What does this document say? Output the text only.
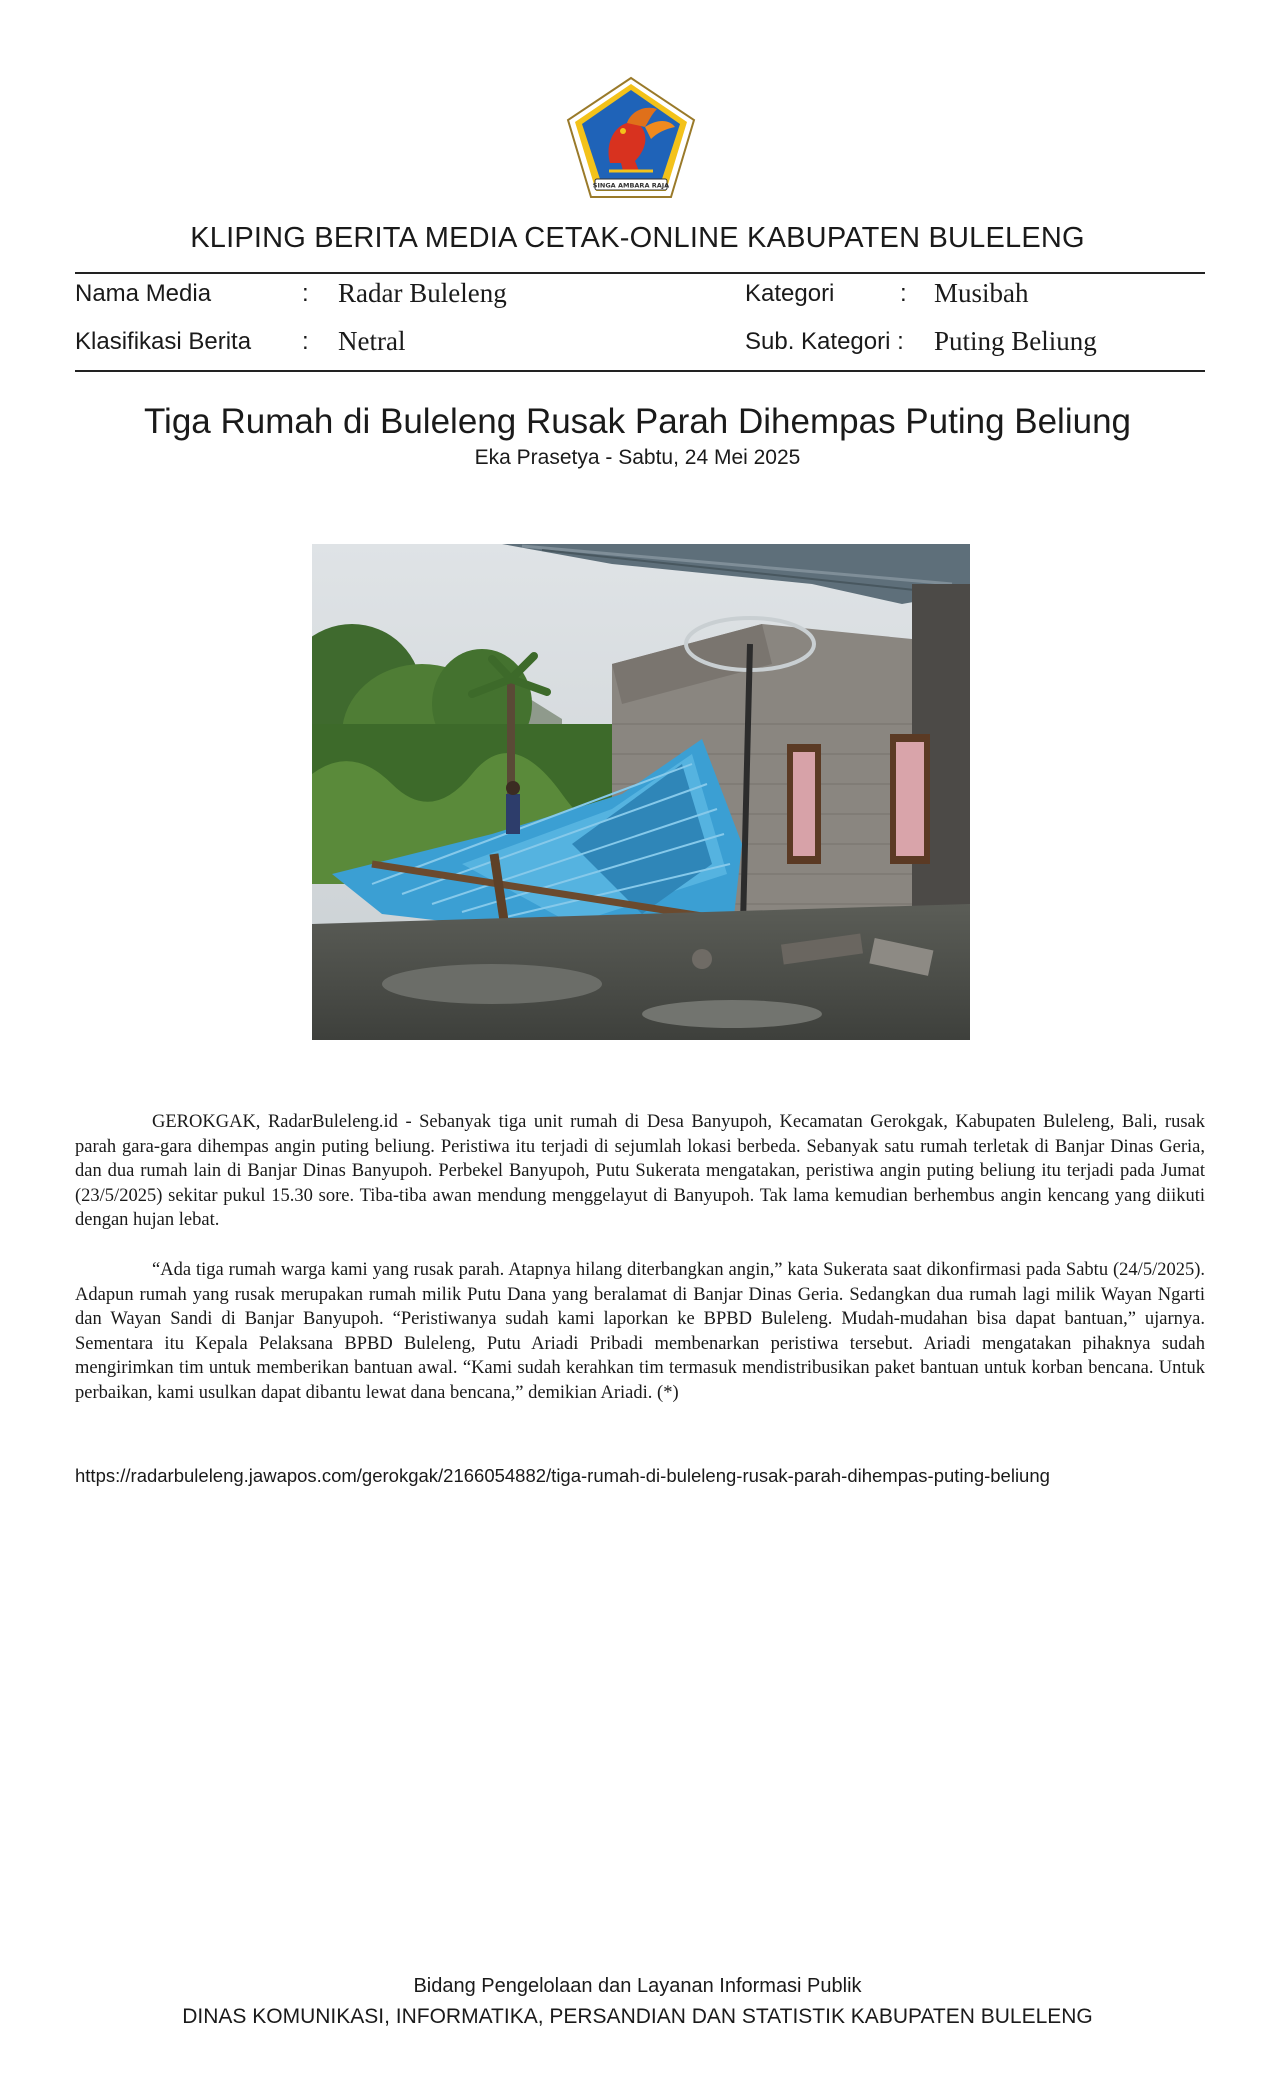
SINGA AMBARA RAJA
KLIPING BERITA MEDIA CETAK-ONLINE KABUPATEN BULELENG
Nama Media	: Radar Buleleng
Klasifikasi Berita : Netral
Kategori	: Musibah
Sub. Kategori : Puting Beliung
Tiga Rumah di Buleleng Rusak Parah Dihempas Puting Beliung
Eka Prasetya - Sabtu, 24 Mei 2025

GEROKGAK, RadarBuleleng.id - Sebanyak tiga unit rumah di Desa Banyupoh, Kecamatan Gerokgak, Kabupaten Buleleng, Bali, rusak parah gara-gara dihempas angin puting beliung. Peristiwa itu terjadi di sejumlah lokasi berbeda. Sebanyak satu rumah terletak di Banjar Dinas Geria, dan dua rumah lain di Banjar Dinas Banyupoh. Perbekel Banyupoh, Putu Sukerata mengatakan, peristiwa angin puting beliung itu terjadi pada Jumat (23/5/2025) sekitar pukul 15.30 sore. Tiba-tiba awan mendung menggelayut di Banyupoh. Tak lama kemudian berhembus angin kencang yang diikuti dengan hujan lebat.

“Ada tiga rumah warga kami yang rusak parah. Atapnya hilang diterbangkan angin,” kata Sukerata saat dikonfirmasi pada Sabtu (24/5/2025). Adapun rumah yang rusak merupakan rumah milik Putu Dana yang beralamat di Banjar Dinas Geria. Sedangkan dua rumah lagi milik Wayan Ngarti dan Wayan Sandi di Banjar Banyupoh. “Peristiwanya sudah kami laporkan ke BPBD Buleleng. Mudah-mudahan bisa dapat bantuan,” ujarnya. Sementara itu Kepala Pelaksana BPBD Buleleng, Putu Ariadi Pribadi membenarkan peristiwa tersebut. Ariadi mengatakan pihaknya sudah mengirimkan tim untuk memberikan bantuan awal. “Kami sudah kerahkan tim termasuk mendistribusikan paket bantuan untuk korban bencana. Untuk perbaikan, kami usulkan dapat dibantu lewat dana bencana,” demikian Ariadi. (*)

https://radarbuleleng.jawapos.com/gerokgak/2166054882/tiga-rumah-di-buleleng-rusak-parah-dihempas-puting-beliung
Bidang Pengelolaan dan Layanan Informasi Publik
DINAS KOMUNIKASI, INFORMATIKA, PERSANDIAN DAN STATISTIK KABUPATEN BULELENG
